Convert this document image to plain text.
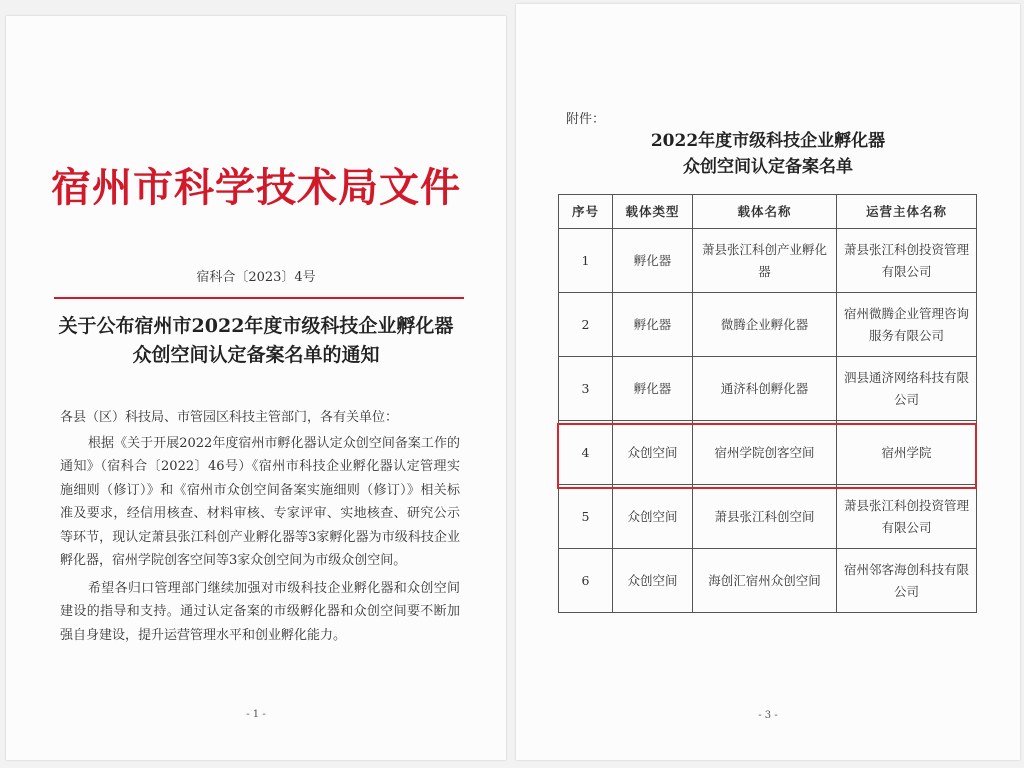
宿州市科学技术局文件
宿科合〔2023〕4号
关于公布宿州市2022年度市级科技企业孵化器
众创空间认定备案名单的通知

各县（区）科技局、市管园区科技主管部门，各有关单位：

根据《关于开展2022年度宿州市孵化器认定众创空间备案工作的通知》（宿科合〔2022〕46号）《宿州市科技企业孵化器认定管理实施细则（修订）》和《宿州市众创空间备案实施细则（修订）》相关标准及要求，经信用核查、材料审核、专家评审、实地核查、研究公示等环节，现认定萧县张江科创产业孵化器等3家孵化器为市级科技企业孵化器，宿州学院创客空间等3家众创空间为市级众创空间。

希望各归口管理部门继续加强对市级科技企业孵化器和众创空间建设的指导和支持。通过认定备案的市级孵化器和众创空间要不断加强自身建设，提升运营管理水平和创业孵化能力。

- 1 -
附件：
2022年度市级科技企业孵化器
众创空间认定备案名单
序号	载体类型	载体名称	运营主体名称
1	孵化器	萧县张江科创产业孵化器	萧县张江科创投资管理有限公司
2	孵化器	微腾企业孵化器	宿州微腾企业管理咨询服务有限公司
3	孵化器	通济科创孵化器	泗县通济网络科技有限公司
4	众创空间	宿州学院创客空间	宿州学院
5	众创空间	萧县张江科创空间	萧县张江科创投资管理有限公司
6	众创空间	海创汇宿州众创空间	宿州邻客海创科技有限公司
- 3 -
